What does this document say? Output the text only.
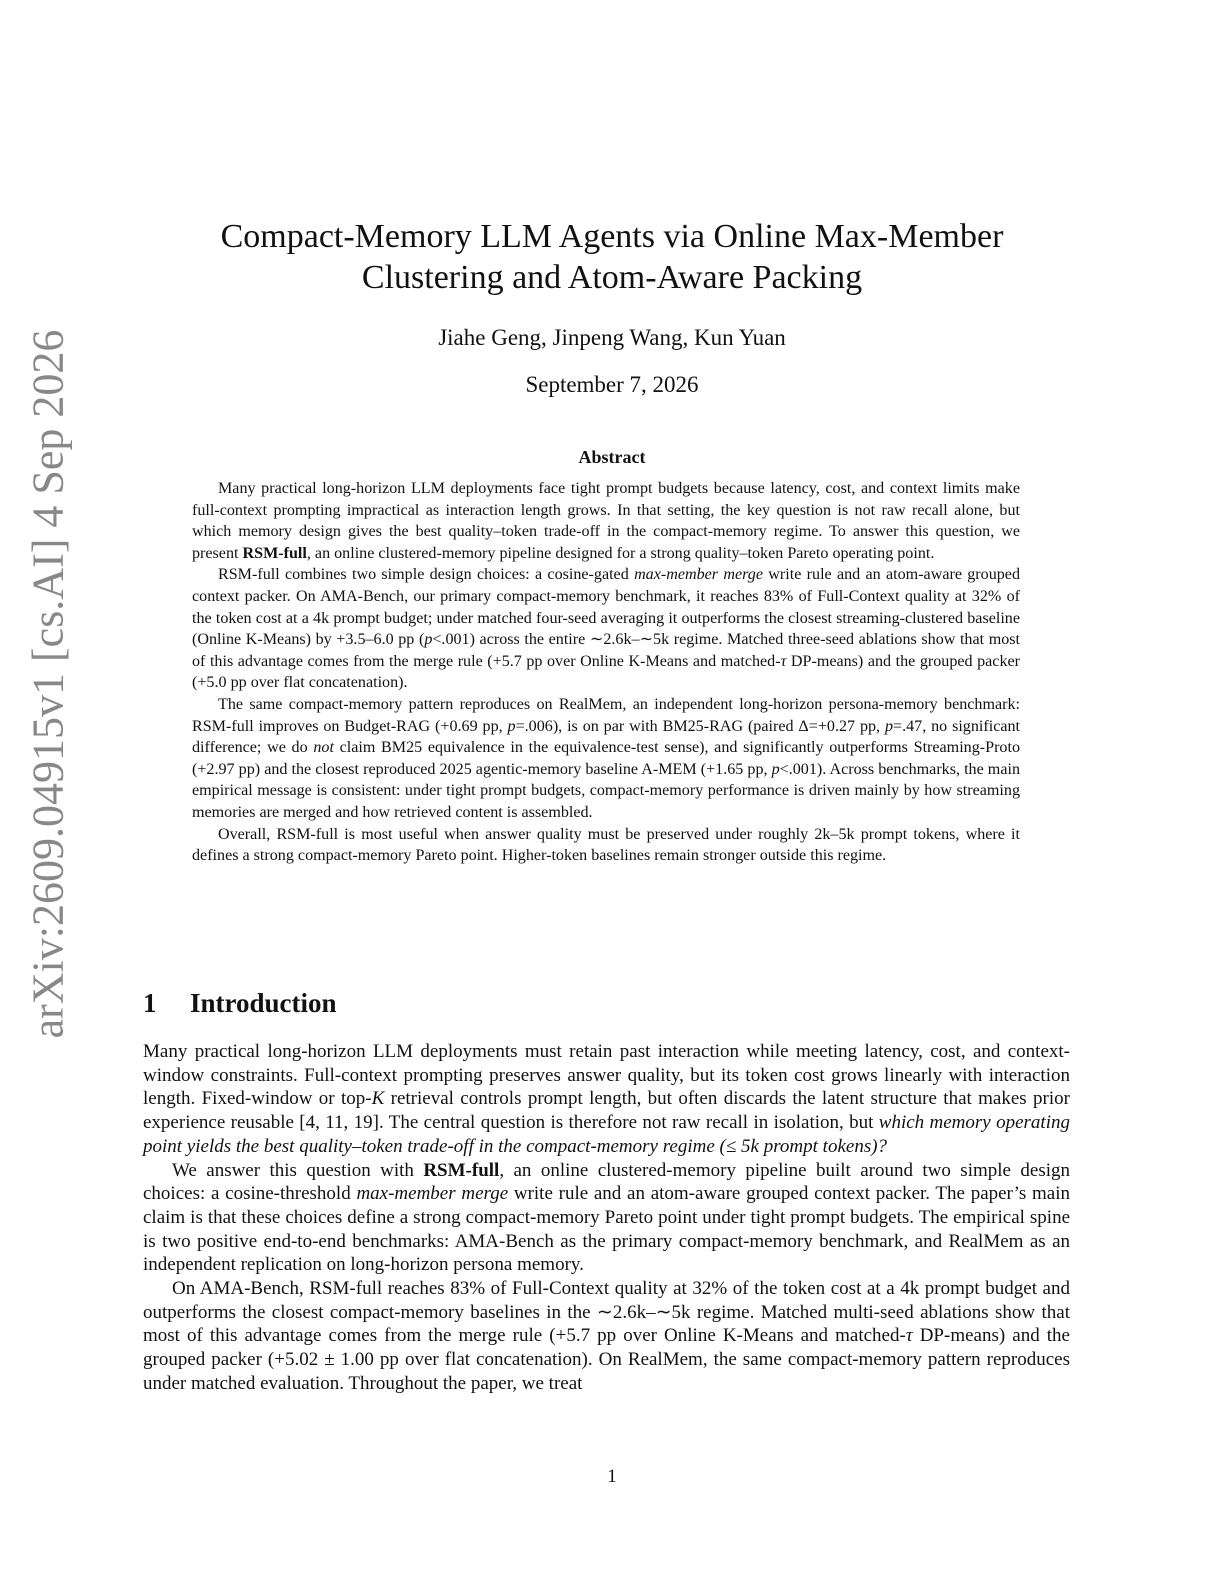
arXiv:2609.04915v1 [cs.AI] 4 Sep 2026
Compact-Memory LLM Agents via Online Max-Member
Clustering and Atom-Aware Packing
Jiahe Geng, Jinpeng Wang, Kun Yuan
September 7, 2026
Abstract

Many practical long-horizon LLM deployments face tight prompt budgets because latency, cost, and context limits make full-context prompting impractical as interaction length grows. In that setting, the key question is not raw recall alone, but which memory design gives the best quality–token trade-off in the compact-memory regime. To answer this question, we present RSM-full, an online clustered-memory pipeline designed for a strong quality–token Pareto operating point.

RSM-full combines two simple design choices: a cosine-gated max-member merge write rule and an atom-aware grouped context packer. On AMA-Bench, our primary compact-memory benchmark, it reaches 83% of Full-Context quality at 32% of the token cost at a 4k prompt budget; under matched four-seed averaging it outperforms the closest streaming-clustered baseline (Online K-Means) by +3.5–6.0 pp (p<.001) across the entire ∼2.6k–∼5k regime. Matched three-seed ablations show that most of this advantage comes from the merge rule (+5.7 pp over Online K-Means and matched-τ DP-means) and the grouped packer (+5.0 pp over flat concatenation).

The same compact-memory pattern reproduces on RealMem, an independent long-horizon persona-memory benchmark: RSM-full improves on Budget-RAG (+0.69 pp, p=.006), is on par with BM25-RAG (paired Δ=+0.27 pp, p=.47, no significant difference; we do not claim BM25 equivalence in the equivalence-test sense), and significantly outperforms Streaming-Proto (+2.97 pp) and the closest reproduced 2025 agentic-memory baseline A-MEM (+1.65 pp, p<.001). Across benchmarks, the main empirical message is consistent: under tight prompt budgets, compact-memory performance is driven mainly by how streaming memories are merged and how retrieved content is assembled.

Overall, RSM-full is most useful when answer quality must be preserved under roughly 2k–5k prompt tokens, where it defines a strong compact-memory Pareto point. Higher-token baselines remain stronger outside this regime.

1 Introduction

Many practical long-horizon LLM deployments must retain past interaction while meeting latency, cost, and context-window constraints. Full-context prompting preserves answer quality, but its token cost grows linearly with interaction length. Fixed-window or top-K retrieval controls prompt length, but often discards the latent structure that makes prior experience reusable [4, 11, 19]. The central question is therefore not raw recall in isolation, but which memory operating point yields the best quality–token trade-off in the compact-memory regime (≤ 5k prompt tokens)?

We answer this question with RSM-full, an online clustered-memory pipeline built around two simple design choices: a cosine-threshold max-member merge write rule and an atom-aware grouped context packer. The paper’s main claim is that these choices define a strong compact-memory Pareto point under tight prompt budgets. The empirical spine is two positive end-to-end benchmarks: AMA-Bench as the primary compact-memory benchmark, and RealMem as an independent replication on long-horizon persona memory.

On AMA-Bench, RSM-full reaches 83% of Full-Context quality at 32% of the token cost at a 4k prompt budget and outperforms the closest compact-memory baselines in the ∼2.6k–∼5k regime. Matched multi-seed ablations show that most of this advantage comes from the merge rule (+5.7 pp over Online K-Means and matched-τ DP-means) and the grouped packer (+5.02 ± 1.00 pp over flat concatenation). On RealMem, the same compact-memory pattern reproduces under matched evaluation. Throughout the paper, we treat

1
